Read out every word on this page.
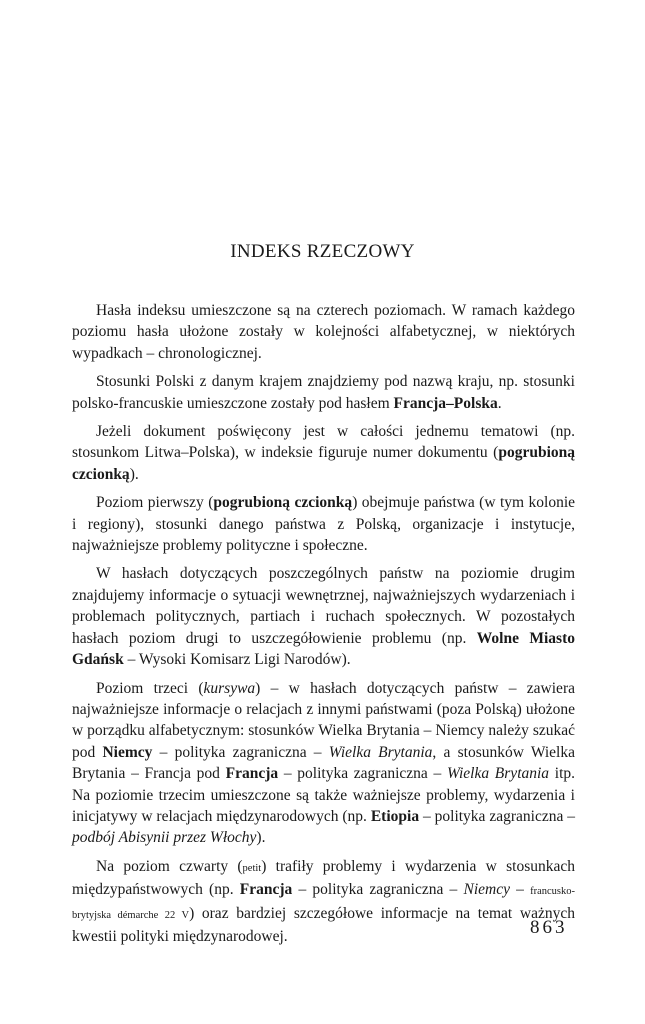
INDEKS RZECZOWY

Hasła indeksu umieszczone są na czterech poziomach. W ramach każdego poziomu hasła ułożone zostały w kolejności alfabetycznej, w niektórych wypadkach – chronologicznej.

Stosunki Polski z danym krajem znajdziemy pod nazwą kraju, np. stosunki polsko-francuskie umieszczone zostały pod hasłem Francja–Polska.

Jeżeli dokument poświęcony jest w całości jednemu tematowi (np. stosunkom Litwa–Polska), w indeksie figuruje numer dokumentu (pogrubioną czcionką).

Poziom pierwszy (pogrubioną czcionką) obejmuje państwa (w tym kolonie i regiony), stosunki danego państwa z Polską, organizacje i instytucje, najważniejsze problemy polityczne i społeczne.

W hasłach dotyczących poszczególnych państw na poziomie drugim znajdujemy informacje o sytuacji wewnętrznej, najważniejszych wydarzeniach i problemach politycznych, partiach i ruchach społecznych. W pozostałych hasłach poziom drugi to uszczegółowienie problemu (np. Wolne Miasto Gdańsk – Wysoki Komisarz Ligi Narodów).

Poziom trzeci (kursywa) – w hasłach dotyczących państw – zawiera najważniejsze informacje o relacjach z innymi państwami (poza Polską) ułożone w porządku alfabetycznym: stosunków Wielka Brytania – Niemcy należy szukać pod Niemcy – polityka zagraniczna – Wielka Brytania, a stosunków Wielka Brytania – Francja pod Francja – polityka zagraniczna – Wielka Brytania itp. Na poziomie trzecim umieszczone są także ważniejsze problemy, wydarzenia i inicjatywy w relacjach międzynarodowych (np. Etiopia – polityka zagraniczna – podbój Abisynii przez Włochy).

Na poziom czwarty (petit) trafiły problemy i wydarzenia w stosunkach międzypaństwowych (np. Francja – polityka zagraniczna – Niemcy – francusko-brytyjska démarche 22 V) oraz bardziej szczegółowe informacje na temat ważnych kwestii polityki międzynarodowej.	863
